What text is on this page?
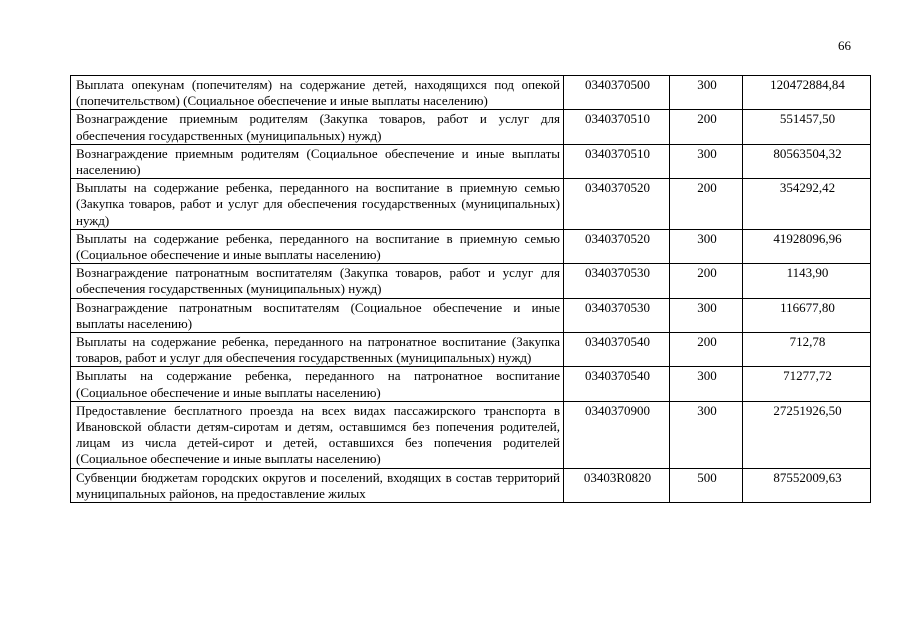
66
Выплата опекунам (попечителям) на содержание детей, находящихся под опекой (попечительством) (Социальное обеспечение и иные выплаты населению)	0340370500	300	120472884,84
Вознаграждение приемным родителям (Закупка товаров, работ и услуг для обеспечения государственных (муниципальных) нужд)	0340370510	200	551457,50
Вознаграждение приемным родителям (Социальное обеспечение и иные выплаты населению)	0340370510	300	80563504,32
Выплаты на содержание ребенка, переданного на воспитание в приемную семью (Закупка товаров, работ и услуг для обеспечения государственных (муниципальных) нужд)	0340370520	200	354292,42
Выплаты на содержание ребенка, переданного на воспитание в приемную семью (Социальное обеспечение и иные выплаты населению)	0340370520	300	41928096,96
Вознаграждение патронатным воспитателям (Закупка товаров, работ и услуг для обеспечения государственных (муниципальных) нужд)	0340370530	200	1143,90
Вознаграждение патронатным воспитателям (Социальное обеспечение и иные выплаты населению)	0340370530	300	116677,80
Выплаты на содержание ребенка, переданного на патронатное воспитание (Закупка товаров, работ и услуг для обеспечения государственных (муниципальных) нужд)	0340370540	200	712,78
Выплаты на содержание ребенка, переданного на патронатное воспитание (Социальное обеспечение и иные выплаты населению)	0340370540	300	71277,72
Предоставление бесплатного проезда на всех видах пассажирского транспорта в Ивановской области детям-сиротам и детям, оставшимся без попечения родителей, лицам из числа детей-сирот и детей, оставшихся без попечения родителей (Социальное обеспечение и иные выплаты населению)	0340370900	300	27251926,50

Субвенции бюджетам городских округов и поселений, входящих в состав территорий муниципальных районов, на предоставление жилых	03403R0820	500	87552009,63
